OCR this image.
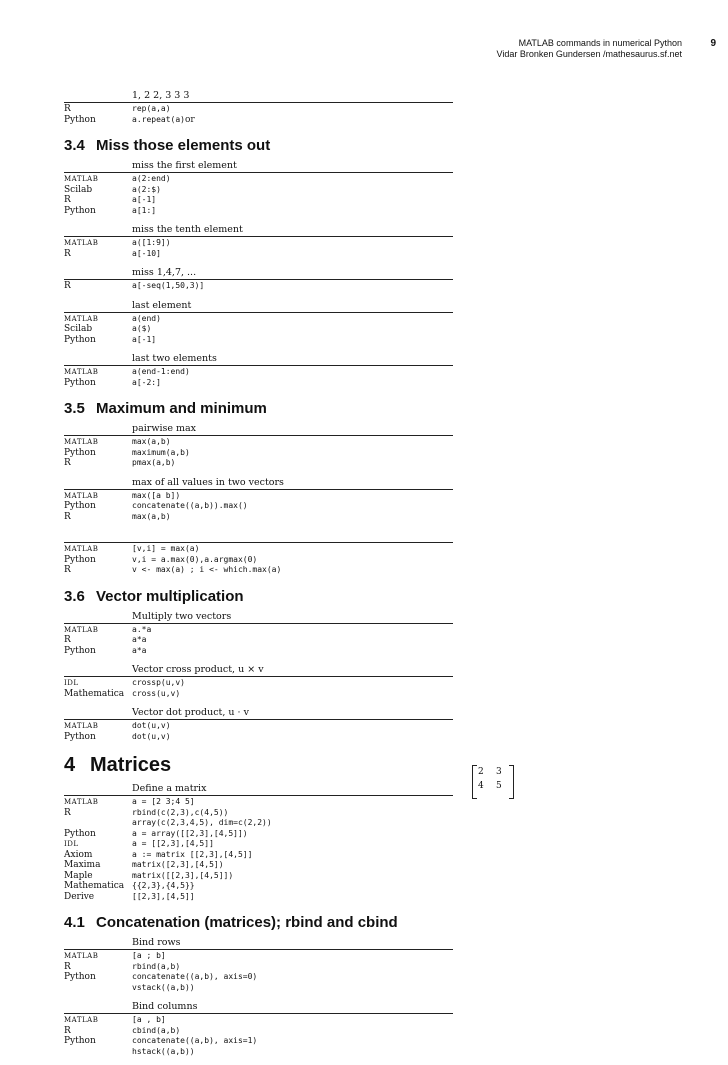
MATLAB commands in numerical Python
Vidar Bronken Gundersen /mathesaurus.sf.net
9
1, 2 2, 3 3 3
R	rep(a,a)
Python	a.repeat(a) or
3.4 Miss those elements out
miss the first element
MATLAB	a(2:end)
Scilab	a(2:$)
R	a[-1]
Python	a[1:]
miss the tenth element
MATLAB	a([1:9])
R	a[-10]
miss 1,4,7, ...
R	a[-seq(1,50,3)]
last element
MATLAB	a(end)
Scilab	a($)
Python	a[-1]
last two elements
MATLAB	a(end-1:end)
Python	a[-2:]
3.5 Maximum and minimum
pairwise max
MATLAB	max(a,b)
Python	maximum(a,b)
R	pmax(a,b)
max of all values in two vectors
MATLAB	max([a b])
Python	concatenate((a,b)).max()
R	max(a,b)
MATLAB	[v,i] = max(a)
Python	v,i = a.max(0),a.argmax(0)
R	v <- max(a) ; i <- which.max(a)
3.6 Vector multiplication
Multiply two vectors
MATLAB	a.*a
R	a*a
Python	a*a
Vector cross product, u × v
IDL	crossp(u,v)
Mathematica cross(u,v)
Vector dot product, u · v
MATLAB	dot(u,v)
Python	dot(u,v)
4 Matrices
Define a matrix
MATLAB	a = [2 3;4 5]
R	rbind(c(2,3),c(4,5))
array(c(2,3,4,5), dim=c(2,2))
Python	a = array([[2,3],[4,5]])
IDL	a = [[2,3],[4,5]]
Axiom	a := matrix [[2,3],[4,5]]
Maxima	matrix([2,3],[4,5])
Maple	matrix([[2,3],[4,5]])
Mathematica {{2,3},{4,5}}
Derive	[[2,3],[4,5]]
4.1 Concatenation (matrices); rbind and cbind
Bind rows
MATLAB	[a ; b]
R	rbind(a,b)
Python	concatenate((a,b), axis=0)
vstack((a,b))
Bind columns
MATLAB	[a , b]
R	cbind(a,b)
Python	concatenate((a,b), axis=1)
hstack((a,b))
2 3
4 5
